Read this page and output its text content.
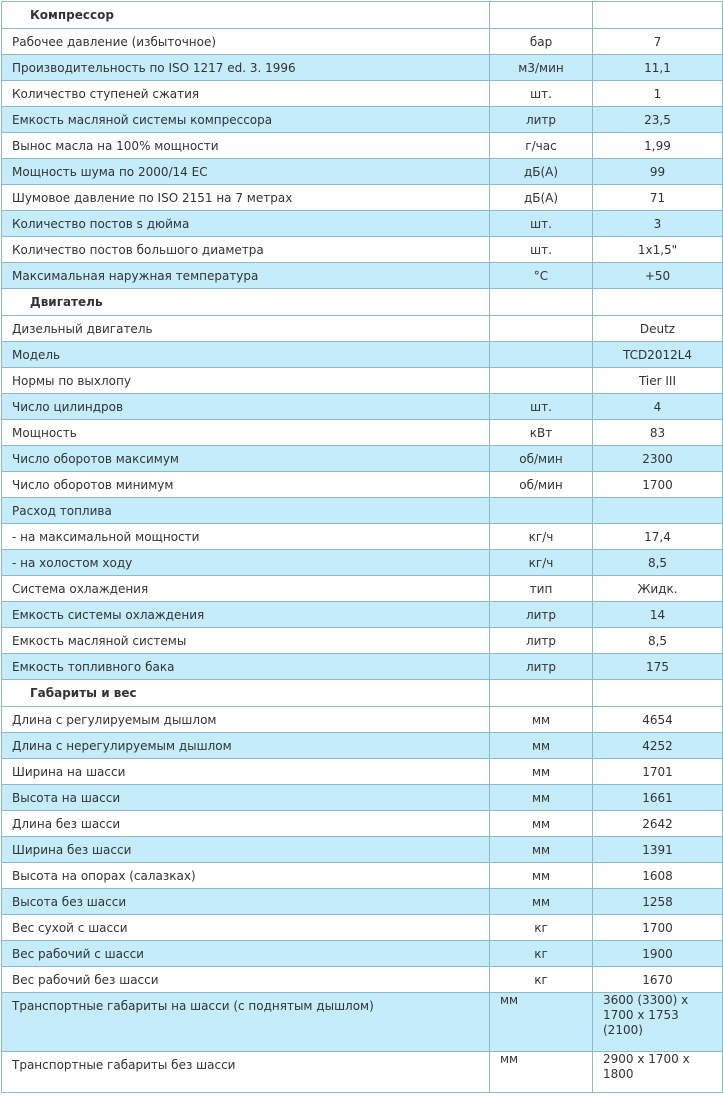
Компрессор		
Рабочее давление (избыточное)	бар	7
Производительность по ISO 1217 ed. 3. 1996	м3/мин	11,1
Количество ступеней сжатия	шт.	1
Емкость масляной системы компрессора	литр	23,5
Вынос масла на 100% мощности	г/час	1,99
Мощность шума по 2000/14 ЕС	дБ(А)	99
Шумовое давление по ISO 2151 на 7 метрах	дБ(А)	71
Количество постов s дюйма	шт.	3
Количество постов большого диаметра	шт.	1х1,5"
Максимальная наружная температура	°С	+50
Двигатель		
Дизельный двигатель		Deutz
Модель		TCD2012L4
Нормы по выхлопу		Tier III
Число цилиндров	шт.	4
Мощность	кВт	83
Число оборотов максимум	об/мин	2300
Число оборотов минимум	об/мин	1700
Расход топлива		
- на максимальной мощности	кг/ч	17,4
- на холостом ходу	кг/ч	8,5
Система охлаждения	тип	Жидк.
Емкость системы охлаждения	литр	14
Емкость масляной системы	литр	8,5
Емкость топливного бака	литр	175
Габариты и вес		
Длина с регулируемым дышлом	мм	4654
Длина с нерегулируемым дышлом	мм	4252
Ширина на шасси	мм	1701
Высота на шасси	мм	1661
Длина без шасси	мм	2642
Ширина без шасси	мм	1391
Высота на опорах (салазках)	мм	1608
Высота без шасси	мм	1258
Вес сухой с шасси	кг	1700
Вес рабочий с шасси	кг	1900
Вес рабочий без шасси	кг	1670
Транспортные габариты на шасси (с поднятым дышлом)	мм	3600 (3300) х 1700 х 1753 (2100)
Транспортные габариты без шасси	мм	2900 х 1700 х 1800
